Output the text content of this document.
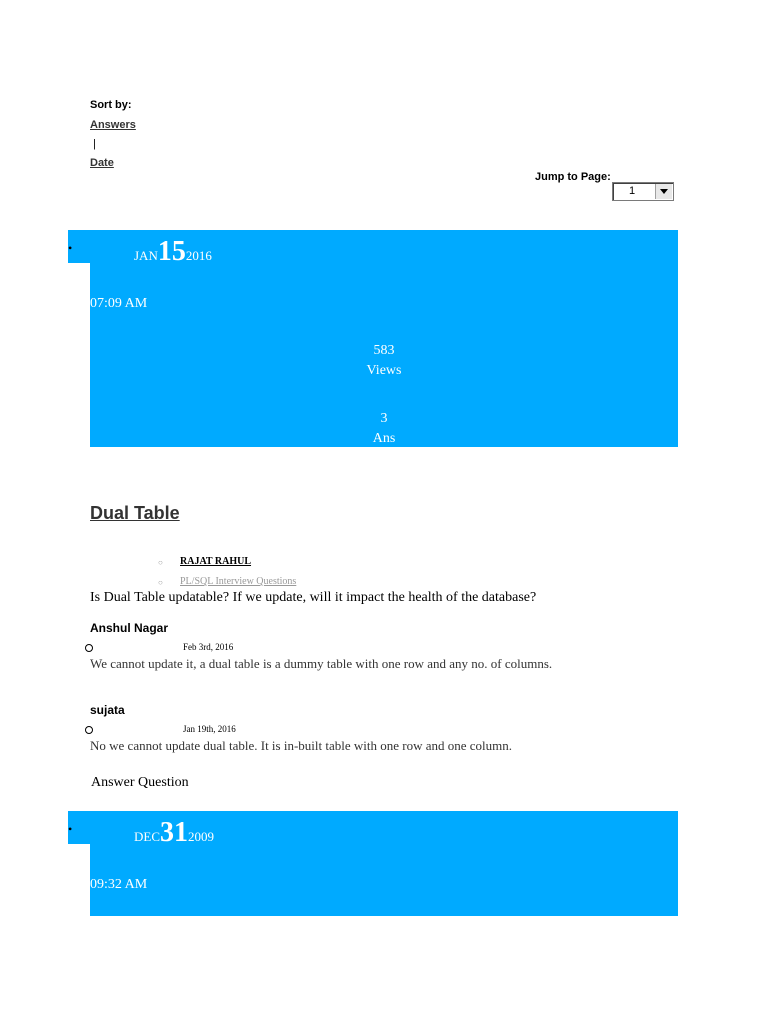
Sort by:
Answers
|
Date
Jump to Page:
1
•	JAN152016
07:09 AM
583
Views
3
Ans
Dual Table
○ RAJAT RAHUL
○ PL/SQL Interview Questions
Is Dual Table updatable? If we update, will it impact the health of the database?
Anshul Nagar
Feb 3rd, 2016
We cannot update it, a dual table is a dummy table with one row and any no. of columns.
sujata
Jan 19th, 2016
No we cannot update dual table. It is in-built table with one row and one column.
Answer Question
•	DEC312009
09:32 AM
